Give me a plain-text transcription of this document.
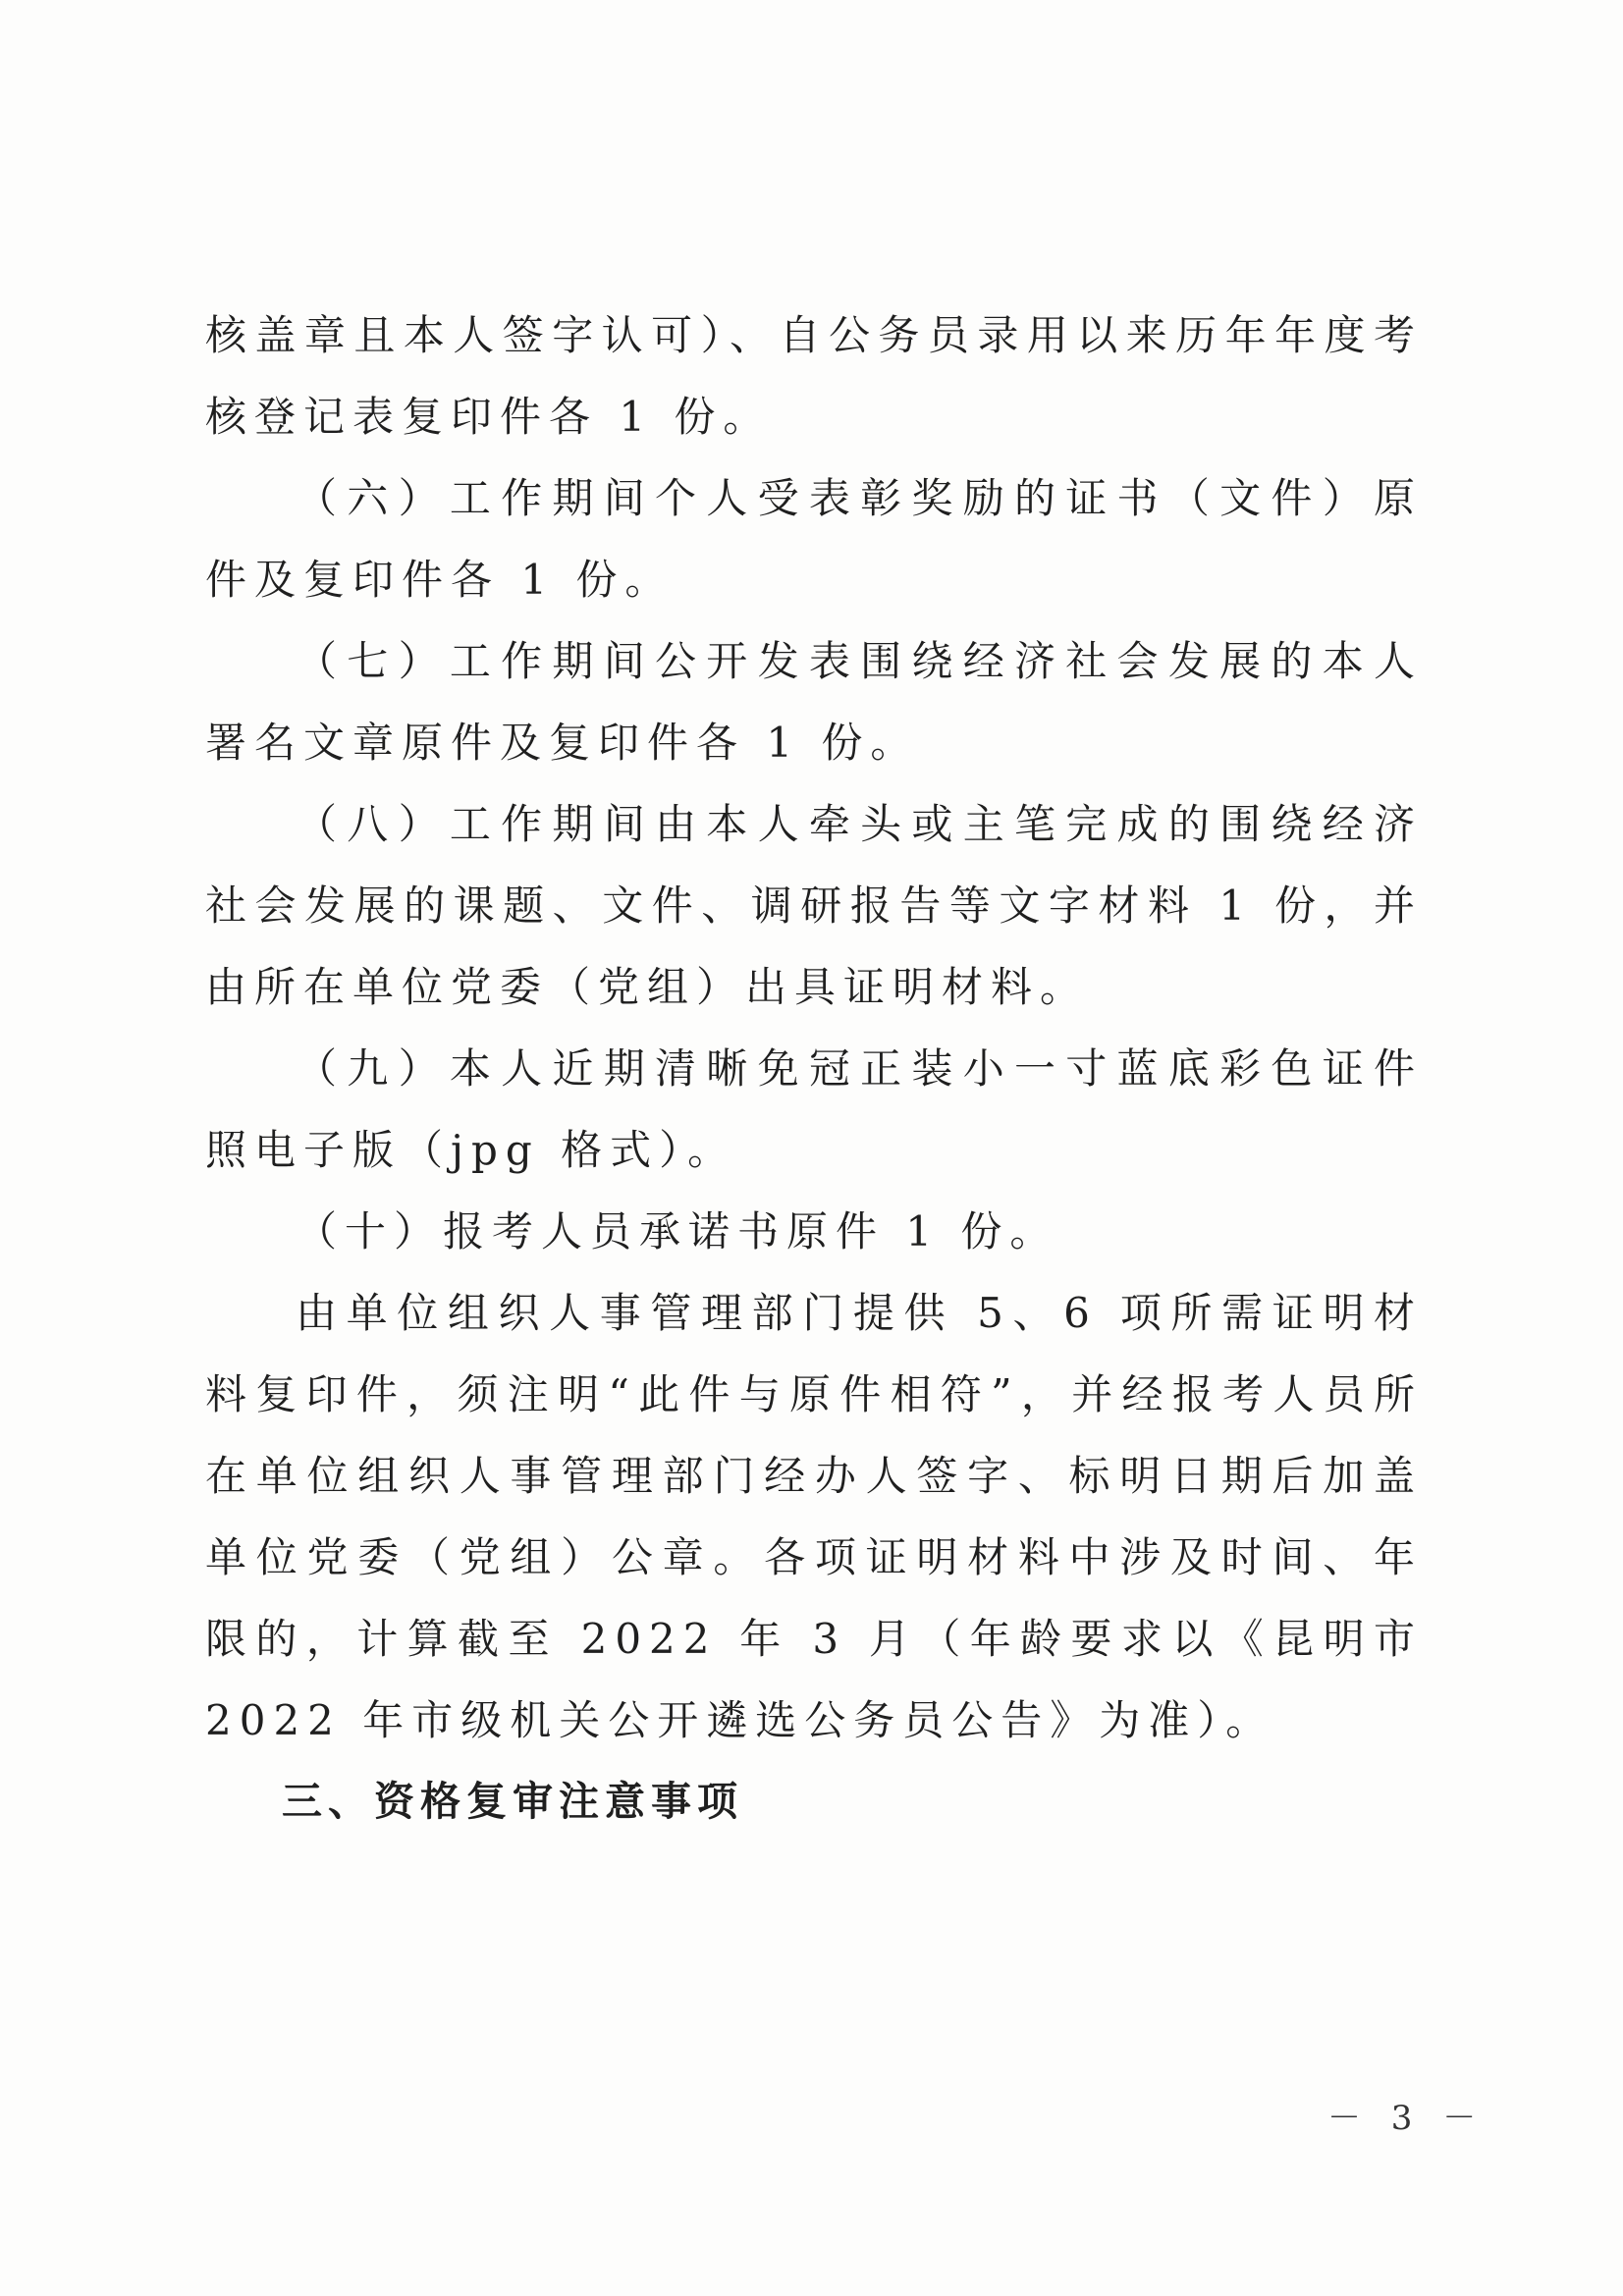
核盖章且本人签字认可）、自公务员录用以来历年年度考核登记表复印件各 1 份。

（六）工作期间个人受表彰奖励的证书（文件）原件及复印件各 1 份。

（七）工作期间公开发表围绕经济社会发展的本人署名文章原件及复印件各 1 份。

（八）工作期间由本人牵头或主笔完成的围绕经济社会发展的课题、文件、调研报告等文字材料 1 份，并由所在单位党委（党组）出具证明材料。

（九）本人近期清晰免冠正装小一寸蓝底彩色证件照电子版（jpg 格式）。

（十）报考人员承诺书原件 1 份。

由单位组织人事管理部门提供 5、6 项所需证明材料复印件，须注明“此件与原件相符”，并经报考人员所在单位组织人事管理部门经办人签字、标明日期后加盖单位党委（党组）公章。各项证明材料中涉及时间、年限的，计算截至 2022 年 3 月（年龄要求以《昆明市 2022 年市级机关公开遴选公务员公告》为准）。

三、资格复审注意事项

－ 3 －
